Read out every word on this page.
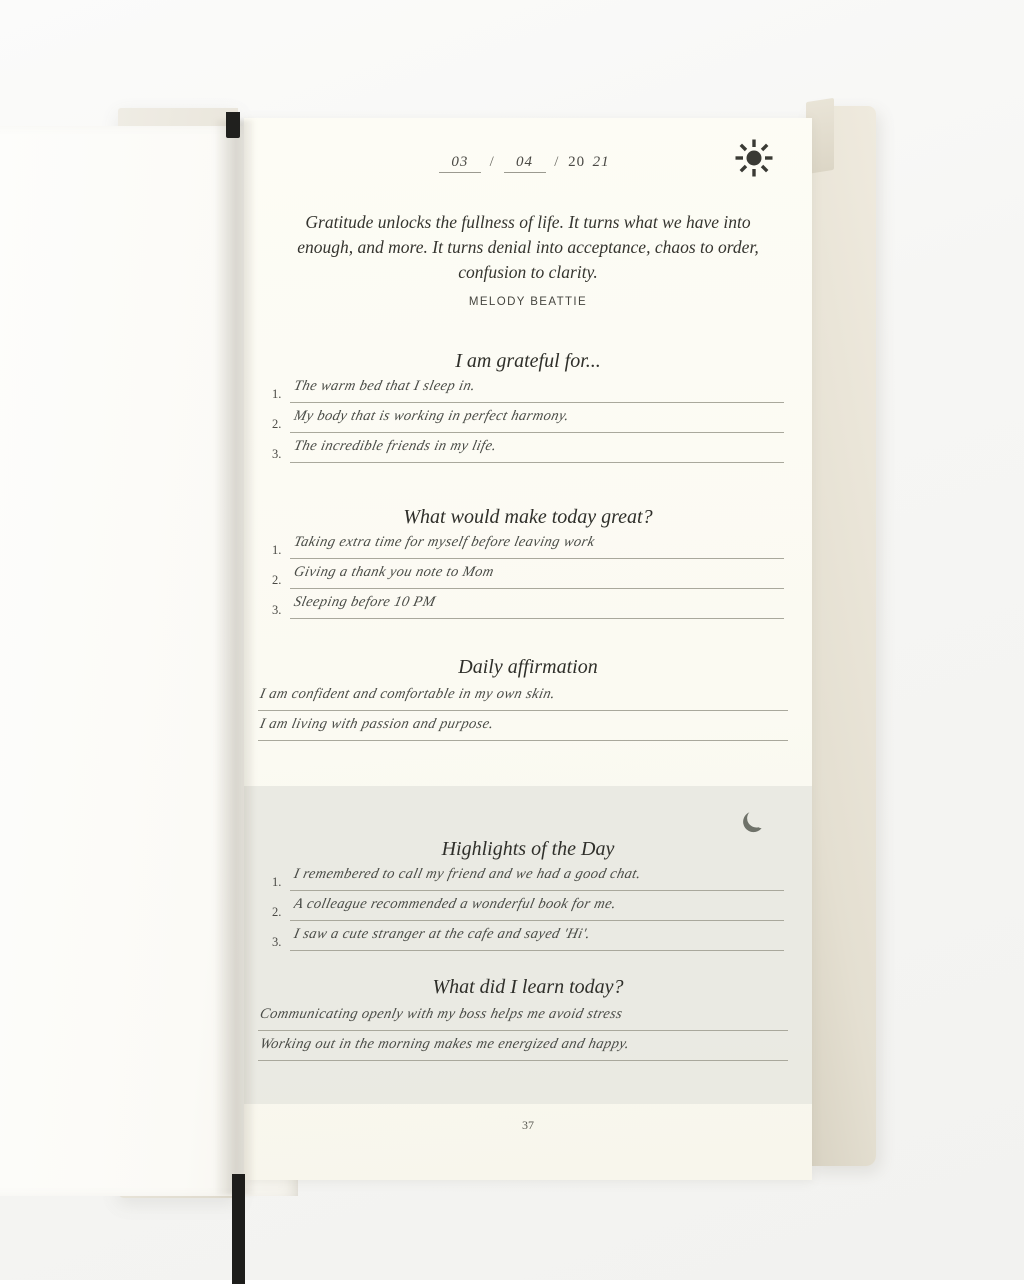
03 / 04 / 20 21
Gratitude unlocks the fullness of life. It turns what we have into enough, and more. It turns denial into acceptance, chaos to order, confusion to clarity.
MELODY BEATTIE
I am grateful for...
1. The warm bed that I sleep in.
2. My body that is working in perfect harmony.
3. The incredible friends in my life.
What would make today great?
1. Taking extra time for myself before leaving work
2. Giving a thank you note to Mom
3. Sleeping before 10 PM
Daily affirmation
I am confident and comfortable in my own skin.
I am living with passion and purpose.
Highlights of the Day
1. I remembered to call my friend and we had a good chat.
2. A colleague recommended a wonderful book for me.
3. I saw a cute stranger at the cafe and sayed 'Hi'.
What did I learn today?
Communicating openly with my boss helps me avoid stress
Working out in the morning makes me energized and happy.
37
